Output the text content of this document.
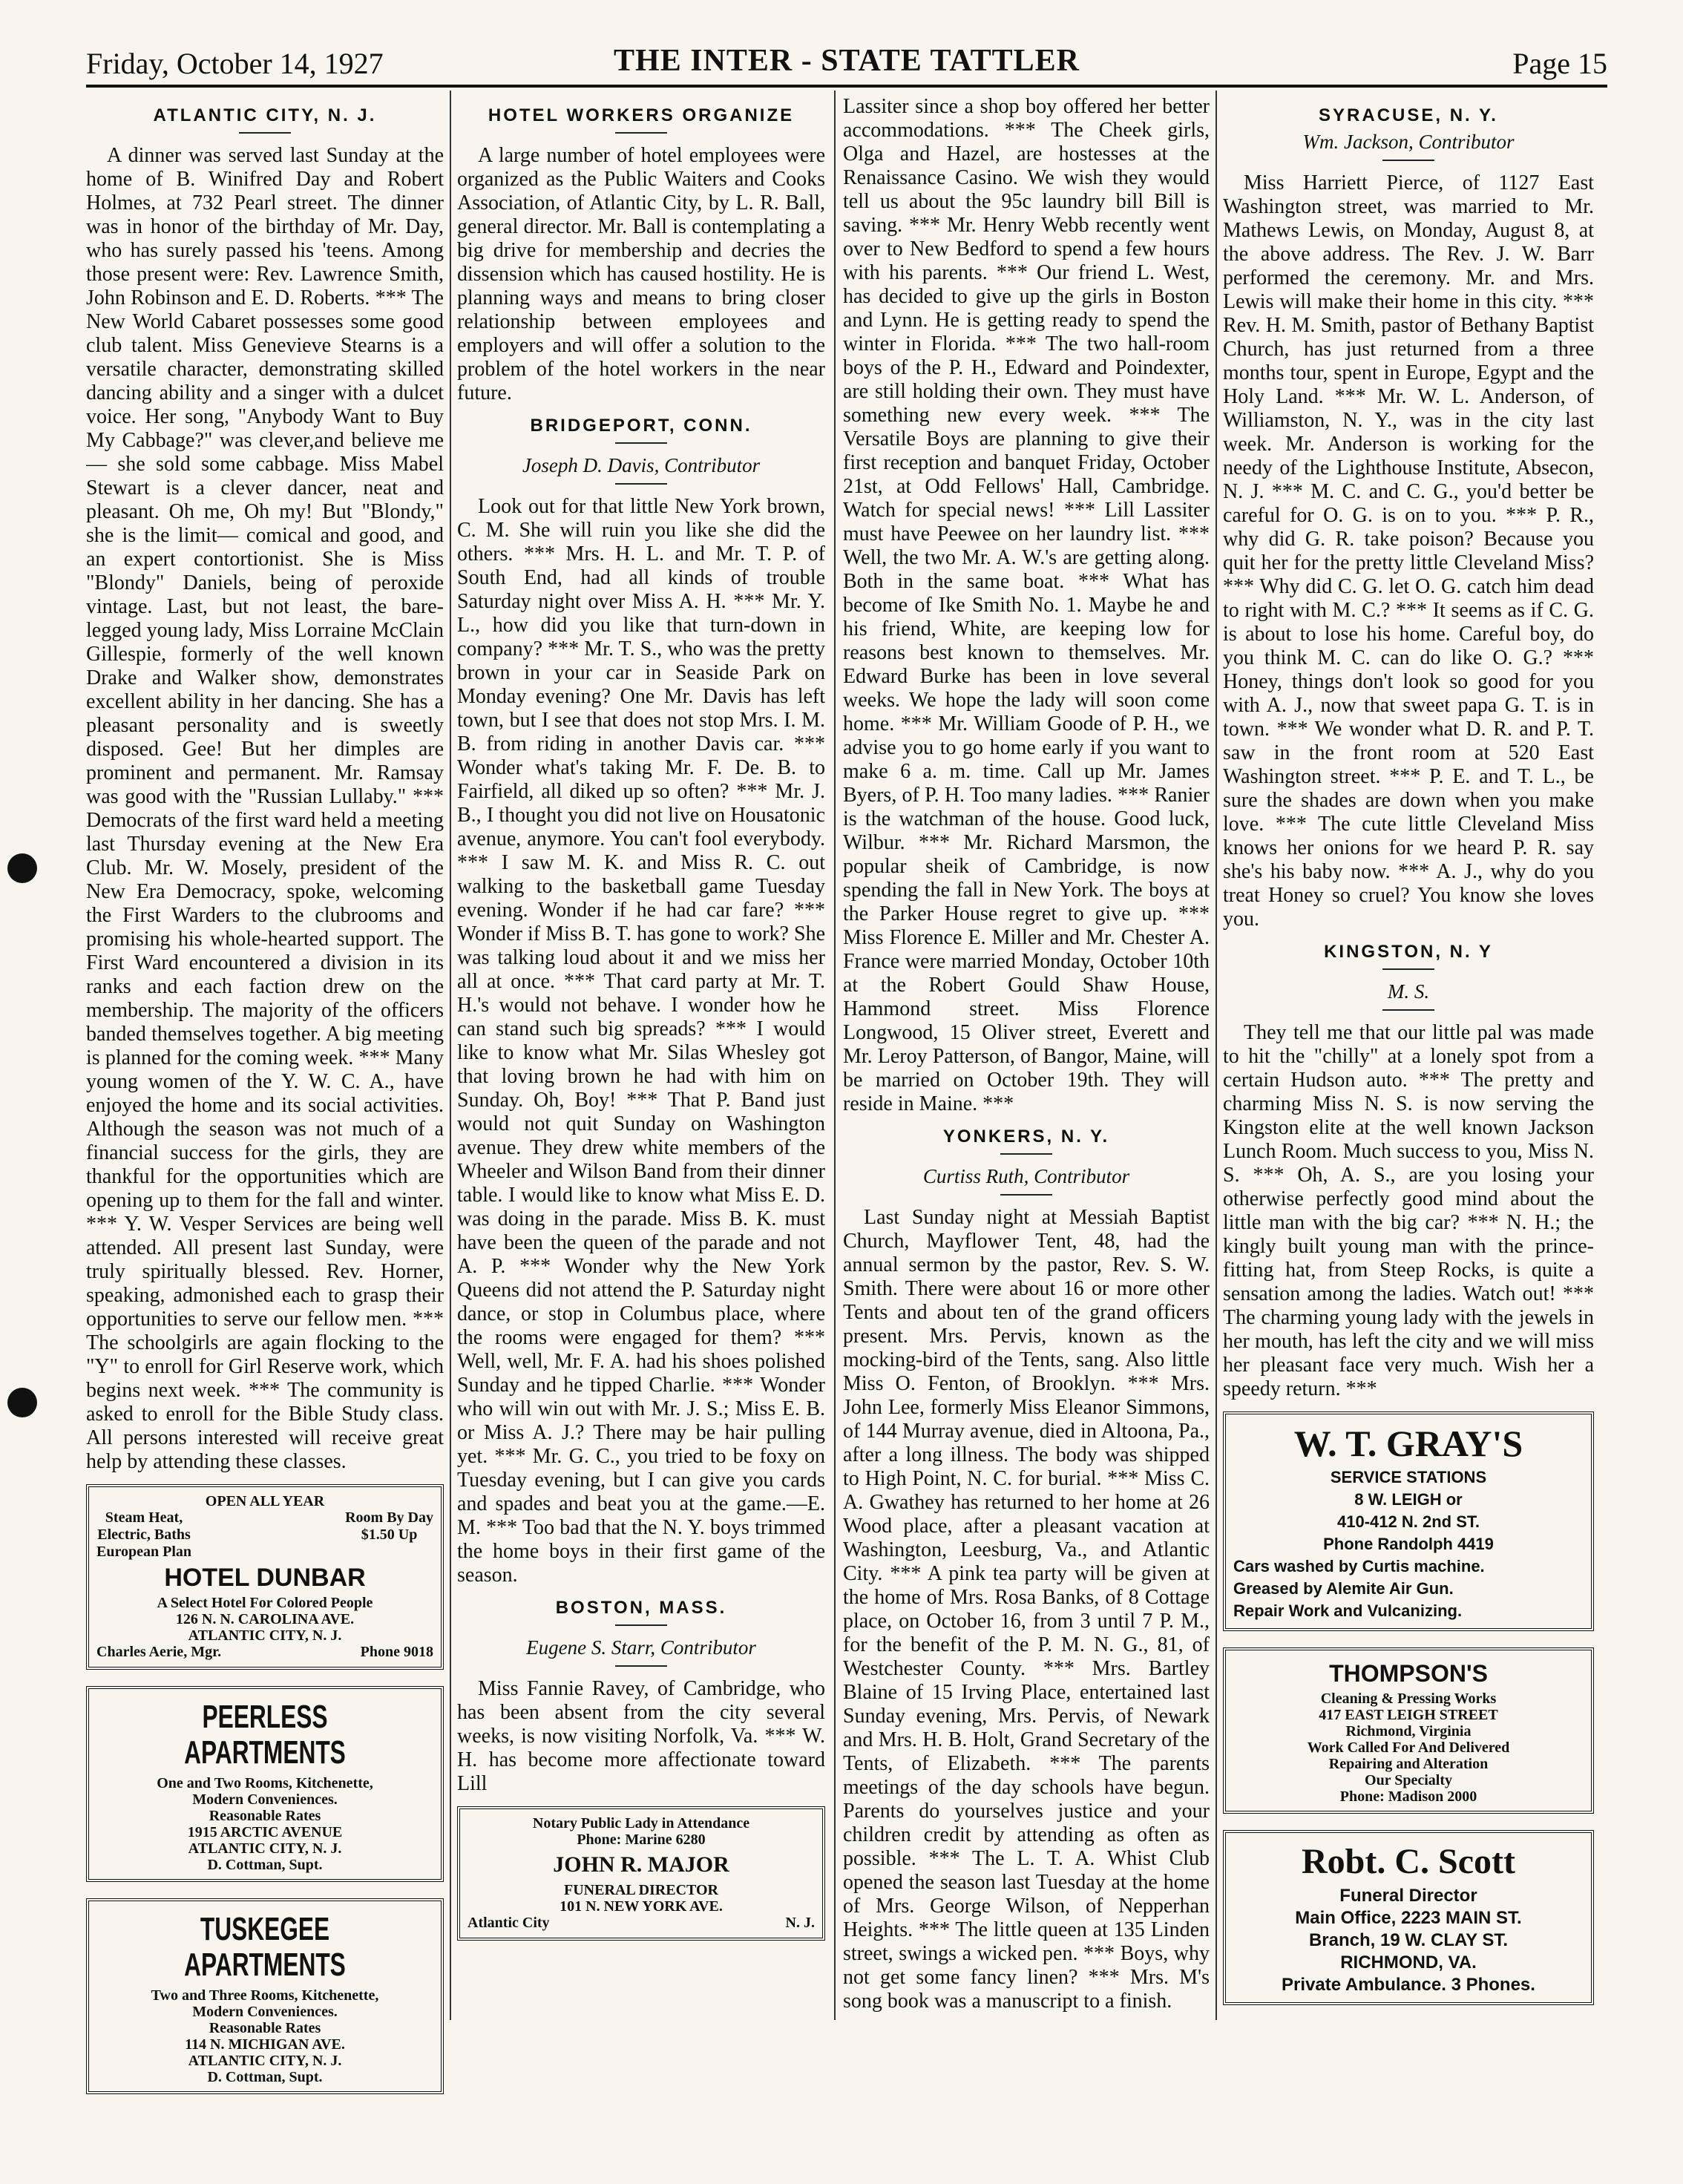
Friday, October 14, 1927	THE INTER - STATE TATTLER	Page 15
ATLANTIC CITY, N. J.

A dinner was served last Sunday at the home of B. Winifred Day and Robert Holmes, at 732 Pearl street. The dinner was in honor of the birthday of Mr. Day, who has surely passed his 'teens. Among those present were: Rev. Lawrence Smith, John Robinson and E. D. Roberts. *** The New World Cabaret possesses some good club talent. Miss Genevieve Stearns is a versatile character, demonstrating skilled dancing ability and a singer with a dulcet voice. Her song, "Anybody Want to Buy My Cabbage?" was clever,and believe me— she sold some cabbage. Miss Mabel Stewart is a clever dancer, neat and pleasant. Oh me, Oh my! But "Blondy," she is the limit— comical and good, and an expert contortionist. She is Miss "Blondy" Daniels, being of peroxide vintage. Last, but not least, the bare-legged young lady, Miss Lorraine McClain Gillespie, formerly of the well known Drake and Walker show, demonstrates excellent ability in her dancing. She has a pleasant personality and is sweetly disposed. Gee! But her dimples are prominent and permanent. Mr. Ramsay was good with the "Russian Lullaby." *** Democrats of the first ward held a meeting last Thursday evening at the New Era Club. Mr. W. Mosely, president of the New Era Democracy, spoke, welcoming the First Warders to the clubrooms and promising his whole-hearted support. The First Ward encountered a division in its ranks and each faction drew on the membership. The majority of the officers banded themselves together. A big meeting is planned for the coming week. *** Many young women of the Y. W. C. A., have enjoyed the home and its social activities. Although the season was not much of a financial success for the girls, they are thankful for the opportunities which are opening up to them for the fall and winter. *** Y. W. Vesper Services are being well attended. All present last Sunday, were truly spiritually blessed. Rev. Horner, speaking, admonished each to grasp their opportunities to serve our fellow men. *** The schoolgirls are again flocking to the "Y" to enroll for Girl Reserve work, which begins next week. *** The community is asked to enroll for the Bible Study class. All persons interested will receive great help by attending these classes.

OPEN ALL YEAR
Steam Heat,
Electric, Baths
European Plan
Room By Day
$1.50 Up
HOTEL DUNBAR
A Select Hotel For Colored People
126 N. N. CAROLINA AVE.
ATLANTIC CITY, N. J.
Charles Aerie, Mgr.	Phone 9018
PEERLESS APARTMENTS
One and Two Rooms, Kitchenette,
Modern Conveniences.
Reasonable Rates
1915 ARCTIC AVENUE
ATLANTIC CITY, N. J.
D. Cottman, Supt.
TUSKEGEE APARTMENTS
Two and Three Rooms, Kitchenette,
Modern Conveniences.
Reasonable Rates
114 N. MICHIGAN AVE.
ATLANTIC CITY, N. J.
D. Cottman, Supt.
HOTEL WORKERS ORGANIZE

A large number of hotel employees were organized as the Public Waiters and Cooks Association, of Atlantic City, by L. R. Ball, general director. Mr. Ball is contemplating a big drive for membership and decries the dissension which has caused hostility. He is planning ways and means to bring closer relationship between employees and employers and will offer a solution to the problem of the hotel workers in the near future.

BRIDGEPORT, CONN.
Joseph D. Davis, Contributor

Look out for that little New York brown, C. M. She will ruin you like she did the others. *** Mrs. H. L. and Mr. T. P. of South End, had all kinds of trouble Saturday night over Miss A. H. *** Mr. Y. L., how did you like that turn-down in company? *** Mr. T. S., who was the pretty brown in your car in Seaside Park on Monday evening? One Mr. Davis has left town, but I see that does not stop Mrs. I. M. B. from riding in another Davis car. *** Wonder what's taking Mr. F. De. B. to Fairfield, all diked up so often? *** Mr. J. B., I thought you did not live on Housatonic avenue, anymore. You can't fool everybody. *** I saw M. K. and Miss R. C. out walking to the basketball game Tuesday evening. Wonder if he had car fare? *** Wonder if Miss B. T. has gone to work? She was talking loud about it and we miss her all at once. *** That card party at Mr. T. H.'s would not behave. I wonder how he can stand such big spreads? *** I would like to know what Mr. Silas Whesley got that loving brown he had with him on Sunday. Oh, Boy! *** That P. Band just would not quit Sunday on Washington avenue. They drew white members of the Wheeler and Wilson Band from their dinner table. I would like to know what Miss E. D. was doing in the parade. Miss B. K. must have been the queen of the parade and not A. P. *** Wonder why the New York Queens did not attend the P. Saturday night dance, or stop in Columbus place, where the rooms were engaged for them? *** Well, well, Mr. F. A. had his shoes polished Sunday and he tipped Charlie. *** Wonder who will win out with Mr. J. S.; Miss E. B. or Miss A. J.? There may be hair pulling yet. *** Mr. G. C., you tried to be foxy on Tuesday evening, but I can give you cards and spades and beat you at the game.—E. M. *** Too bad that the N. Y. boys trimmed the home boys in their first game of the season.

BOSTON, MASS.
Eugene S. Starr, Contributor

Miss Fannie Ravey, of Cambridge, who has been absent from the city several weeks, is now visiting Norfolk, Va. *** W. H. has become more affectionate toward Lill

Notary Public Lady in Attendance
Phone: Marine 6280
JOHN R. MAJOR
FUNERAL DIRECTOR
101 N. NEW YORK AVE.
Atlantic City	N. J.

Lassiter since a shop boy offered her better accommodations. *** The Cheek girls, Olga and Hazel, are hostesses at the Renaissance Casino. We wish they would tell us about the 95c laundry bill Bill is saving. *** Mr. Henry Webb recently went over to New Bedford to spend a few hours with his parents. *** Our friend L. West, has decided to give up the girls in Boston and Lynn. He is getting ready to spend the winter in Florida. *** The two hall-room boys of the P. H., Edward and Poindexter, are still holding their own. They must have something new every week. *** The Versatile Boys are planning to give their first reception and banquet Friday, October 21st, at Odd Fellows' Hall, Cambridge. Watch for special news! *** Lill Lassiter must have Peewee on her laundry list. *** Well, the two Mr. A. W.'s are getting along. Both in the same boat. *** What has become of Ike Smith No. 1. Maybe he and his friend, White, are keeping low for reasons best known to themselves. Mr. Edward Burke has been in love several weeks. We hope the lady will soon come home. *** Mr. William Goode of P. H., we advise you to go home early if you want to make 6 a. m. time. Call up Mr. James Byers, of P. H. Too many ladies. *** Ranier is the watchman of the house. Good luck, Wilbur. *** Mr. Richard Marsmon, the popular sheik of Cambridge, is now spending the fall in New York. The boys at the Parker House regret to give up. *** Miss Florence E. Miller and Mr. Chester A. France were married Monday, October 10th at the Robert Gould Shaw House, Hammond street. Miss Florence Longwood, 15 Oliver street, Everett and Mr. Leroy Patterson, of Bangor, Maine, will be married on October 19th. They will reside in Maine. ***

YONKERS, N. Y.
Curtiss Ruth, Contributor

Last Sunday night at Messiah Baptist Church, Mayflower Tent, 48, had the annual sermon by the pastor, Rev. S. W. Smith. There were about 16 or more other Tents and about ten of the grand officers present. Mrs. Pervis, known as the mocking-bird of the Tents, sang. Also little Miss O. Fenton, of Brooklyn. *** Mrs. John Lee, formerly Miss Eleanor Simmons, of 144 Murray avenue, died in Altoona, Pa., after a long illness. The body was shipped to High Point, N. C. for burial. *** Miss C. A. Gwathey has returned to her home at 26 Wood place, after a pleasant vacation at Washington, Leesburg, Va., and Atlantic City. *** A pink tea party will be given at the home of Mrs. Rosa Banks, of 8 Cottage place, on October 16, from 3 until 7 P. M., for the benefit of the P. M. N. G., 81, of Westchester County. *** Mrs. Bartley Blaine of 15 Irving Place, entertained last Sunday evening, Mrs. Pervis, of Newark and Mrs. H. B. Holt, Grand Secretary of the Tents, of Elizabeth. *** The parents meetings of the day schools have begun. Parents do yourselves justice and your children credit by attending as often as possible. *** The L. T. A. Whist Club opened the season last Tuesday at the home of Mrs. George Wilson, of Nepperhan Heights. *** The little queen at 135 Linden street, swings a wicked pen. *** Boys, why not get some fancy linen? *** Mrs. M's song book was a manuscript to a finish.

SYRACUSE, N. Y.
Wm. Jackson, Contributor

Miss Harriett Pierce, of 1127 East Washington street, was married to Mr. Mathews Lewis, on Monday, August 8, at the above address. The Rev. J. W. Barr performed the ceremony. Mr. and Mrs. Lewis will make their home in this city. *** Rev. H. M. Smith, pastor of Bethany Baptist Church, has just returned from a three months tour, spent in Europe, Egypt and the Holy Land. *** Mr. W. L. Anderson, of Williamston, N. Y., was in the city last week. Mr. Anderson is working for the needy of the Lighthouse Institute, Absecon, N. J. *** M. C. and C. G., you'd better be careful for O. G. is on to you. *** P. R., why did G. R. take poison? Because you quit her for the pretty little Cleveland Miss? *** Why did C. G. let O. G. catch him dead to right with M. C.? *** It seems as if C. G. is about to lose his home. Careful boy, do you think M. C. can do like O. G.? *** Honey, things don't look so good for you with A. J., now that sweet papa G. T. is in town. *** We wonder what D. R. and P. T. saw in the front room at 520 East Washington street. *** P. E. and T. L., be sure the shades are down when you make love. *** The cute little Cleveland Miss knows her onions for we heard P. R. say she's his baby now. *** A. J., why do you treat Honey so cruel? You know she loves you.

KINGSTON, N. Y
M. S.

They tell me that our little pal was made to hit the "chilly" at a lonely spot from a certain Hudson auto. *** The pretty and charming Miss N. S. is now serving the Kingston elite at the well known Jackson Lunch Room. Much success to you, Miss N. S. *** Oh, A. S., are you losing your otherwise perfectly good mind about the little man with the big car? *** N. H.; the kingly built young man with the prince-fitting hat, from Steep Rocks, is quite a sensation among the ladies. Watch out! *** The charming young lady with the jewels in her mouth, has left the city and we will miss her pleasant face very much. Wish her a speedy return. ***

W. T. GRAY'S
SERVICE STATIONS
8 W. LEIGH or
410-412 N. 2nd ST.
Phone Randolph 4419
Cars washed by Curtis machine.
Greased by Alemite Air Gun.
Repair Work and Vulcanizing.
THOMPSON'S
Cleaning & Pressing Works
417 EAST LEIGH STREET
Richmond, Virginia
Work Called For And Delivered
Repairing and Alteration
Our Specialty
Phone: Madison 2000
Robt. C. Scott
Funeral Director
Main Office, 2223 MAIN ST.
Branch, 19 W. CLAY ST.
RICHMOND, VA.
Private Ambulance. 3 Phones.
